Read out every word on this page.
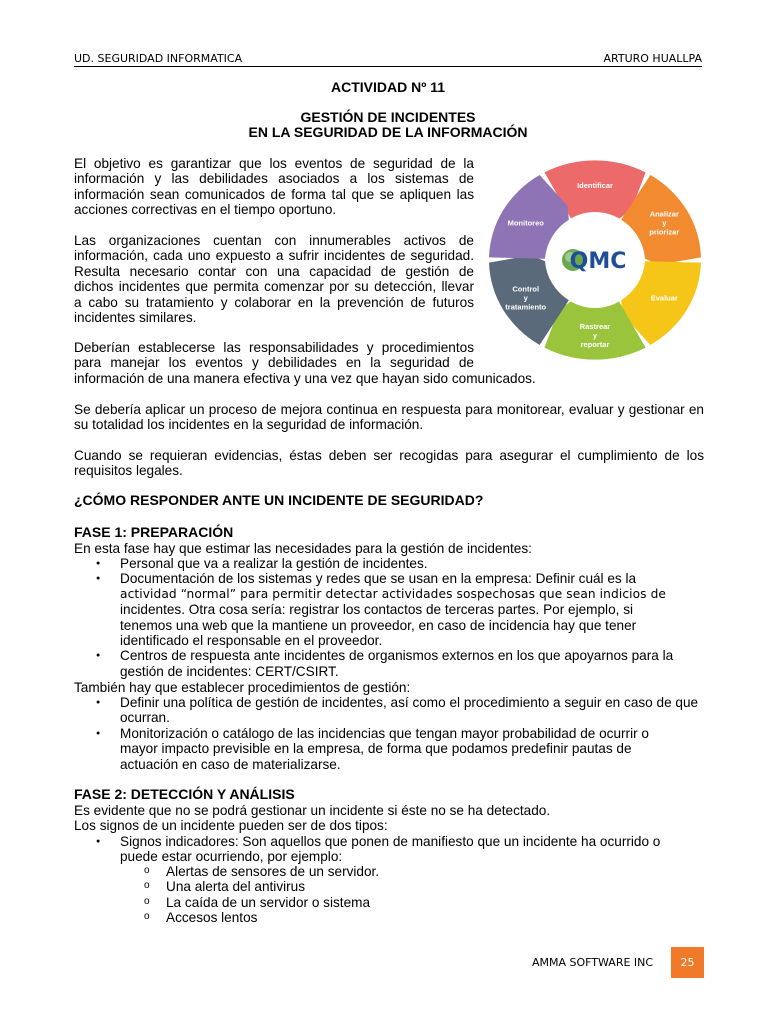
UD. SEGURIDAD INFORMATICA	ARTURO HUALLPA
ACTIVIDAD Nº 11
GESTIÓN DE INCIDENTES
EN LA SEGURIDAD DE LA INFORMACIÓN
El objetivo es garantizar que los eventos de seguridad de la
información y las debilidades asociados a los sistemas de
información sean comunicados de forma tal que se apliquen las
acciones correctivas en el tiempo oportuno.
Las organizaciones cuentan con innumerables activos de
información, cada uno expuesto a sufrir incidentes de seguridad.
Resulta necesario contar con una capacidad de gestión de
dichos incidentes que permita comenzar por su detección, llevar
a cabo su tratamiento y colaborar en la prevención de futuros
incidentes similares.
Deberían establecerse las responsabilidades y procedimientos
para manejar los eventos y debilidades en la seguridad de
información de una manera efectiva y una vez que hayan sido comunicados.
Se debería aplicar un proceso de mejora continua en respuesta para monitorear, evaluar y gestionar en su totalidad los incidentes en la seguridad de información.
Cuando se requieran evidencias, éstas deben ser recogidas para asegurar el cumplimiento de los requisitos legales.
Identificar
Analizar y priorizar
Evaluar
Rastrear y reportar
Control y tratamiento
Monitoreo
QMC
¿CÓMO RESPONDER ANTE UN INCIDENTE DE SEGURIDAD?
FASE 1: PREPARACIÓN
En esta fase hay que estimar las necesidades para la gestión de incidentes:
● Personal que va a realizar la gestión de incidentes.
● Documentación de los sistemas y redes que se usan en la empresa: Definir cuál es la
actividad “normal” para permitir detectar actividades sospechosas que sean indicios de
incidentes. Otra cosa sería: registrar los contactos de terceras partes. Por ejemplo, si tenemos una web que la mantiene un proveedor, en caso de incidencia hay que tener identificado el responsable en el proveedor.
● Centros de respuesta ante incidentes de organismos externos en los que apoyarnos para la gestión de incidentes: CERT/CSIRT.
También hay que establecer procedimientos de gestión:
● Definir una política de gestión de incidentes, así como el procedimiento a seguir en caso de que ocurran.
● Monitorización o catálogo de las incidencias que tengan mayor probabilidad de ocurrir o mayor impacto previsible en la empresa, de forma que podamos predefinir pautas de actuación en caso de materializarse.
FASE 2: DETECCIÓN Y ANÁLISIS
Es evidente que no se podrá gestionar un incidente si éste no se ha detectado.
Los signos de un incidente pueden ser de dos tipos:
● Signos indicadores: Son aquellos que ponen de manifiesto que un incidente ha ocurrido o puede estar ocurriendo, por ejemplo:
o Alertas de sensores de un servidor.
o Una alerta del antivirus
o La caída de un servidor o sistema
o Accesos lentos
AMMA SOFTWARE INC	25
